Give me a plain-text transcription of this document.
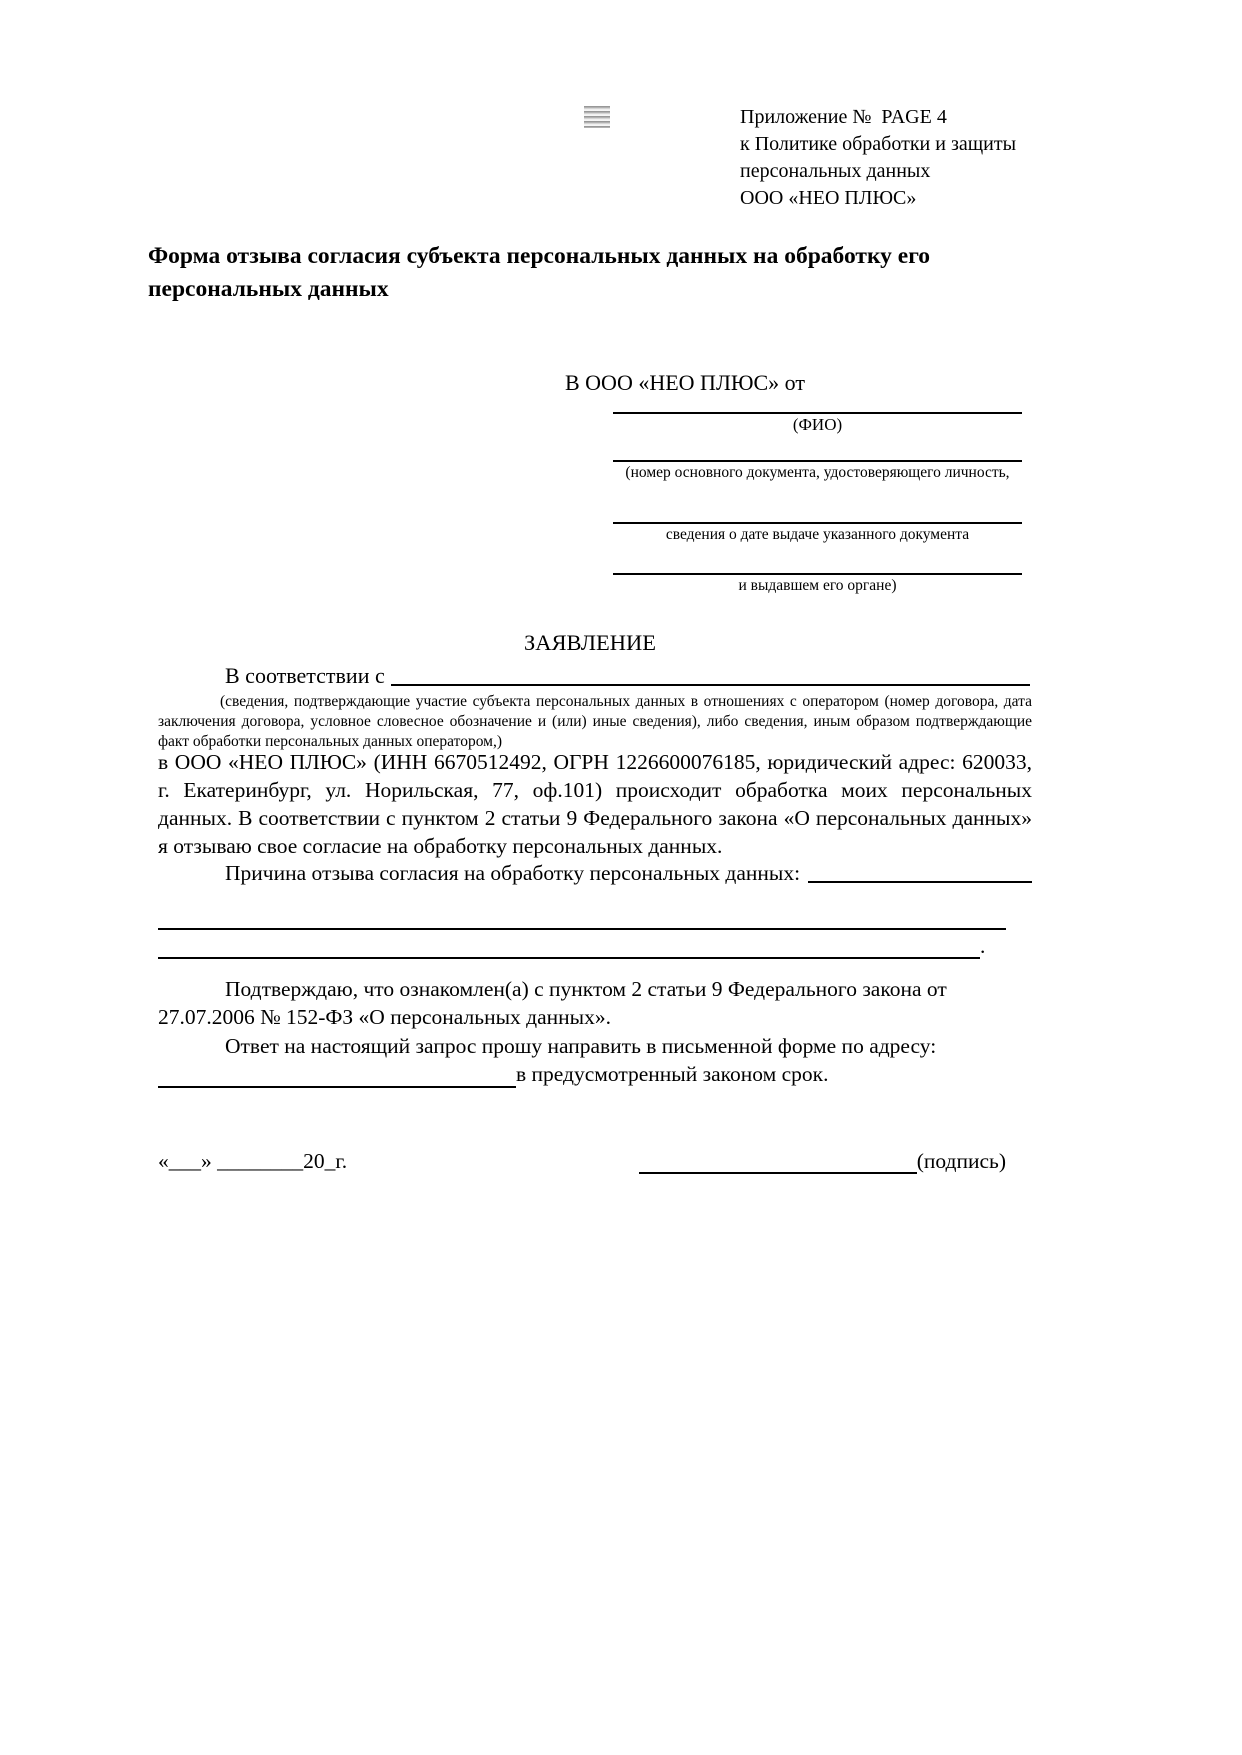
Приложение №  PAGE 4
к Политике обработки и защиты
персональных данных
ООО «НЕО ПЛЮС»
Форма отзыва согласия субъекта персональных данных на обработку его персональных данных
В ООО «НЕО ПЛЮС» от
(ФИО)
(номер основного документа, удостоверяющего личность,
сведения о дате выдаче указанного документа
и выдавшем его органе)
ЗАЯВЛЕНИЕ
В соответствии с
(сведения, подтверждающие участие субъекта персональных данных в отношениях с оператором (номер договора, дата заключения договора, условное словесное обозначение и (или) иные сведения), либо сведения, иным образом подтверждающие факт обработки персональных данных оператором,)
в ООО «НЕО ПЛЮС» (ИНН 6670512492, ОГРН 1226600076185, юридический адрес: 620033, г. Екатеринбург, ул. Норильская, 77, оф.101) происходит обработка моих персональных данных. В соответствии с пунктом 2 статьи 9 Федерального закона «О персональных данных» я отзываю свое согласие на обработку персональных данных.
Причина отзыва согласия на обработку персональных данных:
.
Подтверждаю, что ознакомлен(а) с пунктом 2 статьи 9 Федерального закона от 27.07.2006 № 152-ФЗ «О персональных данных».
Ответ на настоящий запрос прошу направить в письменной форме по адресу:
в предусмотренный законом срок.
«___» ________20_г.	(подпись)
